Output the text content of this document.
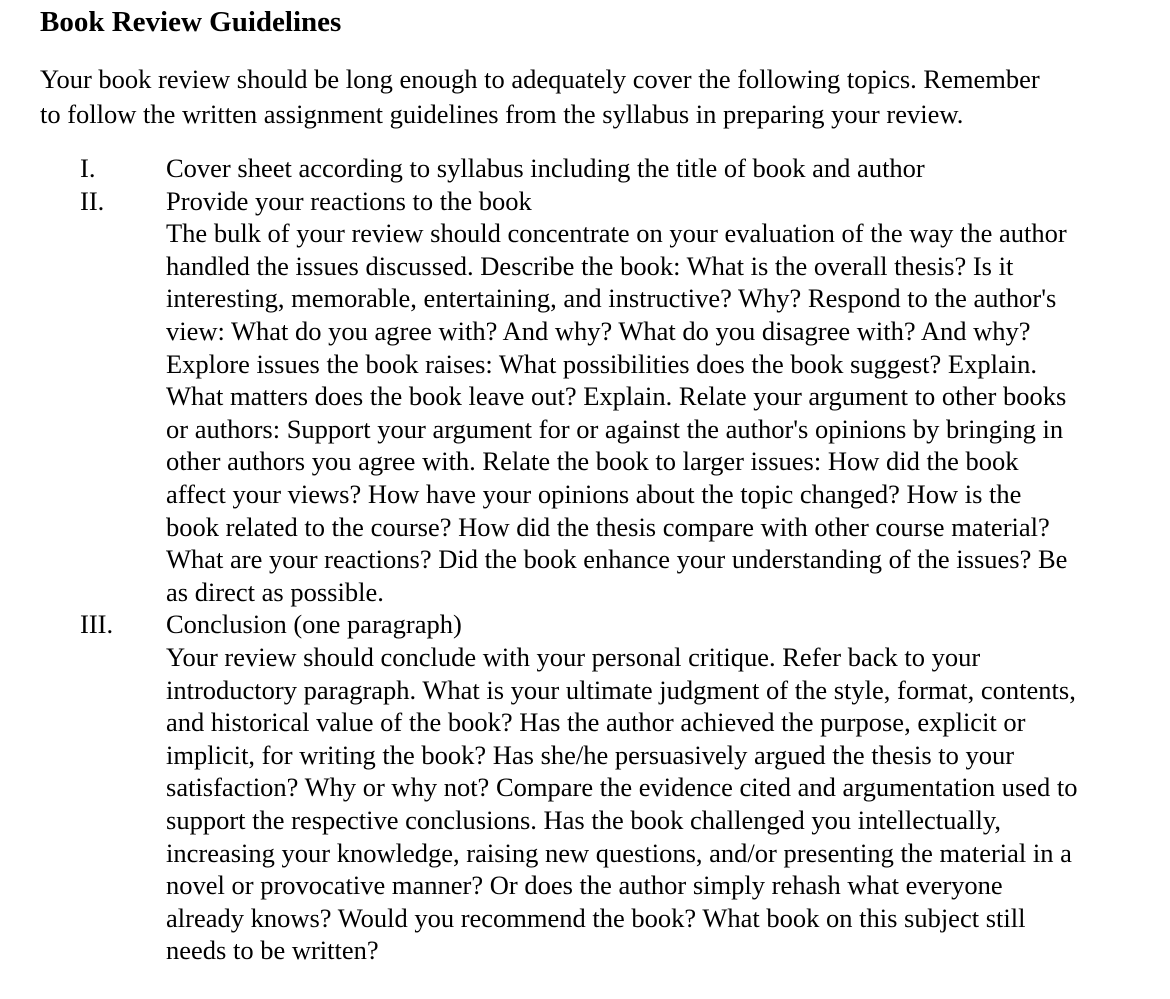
Book Review Guidelines

Your book review should be long enough to adequately cover the following topics. Remember
to follow the written assignment guidelines from the syllabus in preparing your review.

I.	Cover sheet according to syllabus including the title of book and author
II. Provide your reactions to the book
The bulk of your review should concentrate on your evaluation of the way the author
handled the issues discussed. Describe the book: What is the overall thesis? Is it
interesting, memorable, entertaining, and instructive? Why? Respond to the author's
view: What do you agree with? And why? What do you disagree with? And why?
Explore issues the book raises: What possibilities does the book suggest? Explain.
What matters does the book leave out? Explain. Relate your argument to other books
or authors: Support your argument for or against the author's opinions by bringing in
other authors you agree with. Relate the book to larger issues: How did the book
affect your views? How have your opinions about the topic changed? How is the
book related to the course? How did the thesis compare with other course material?
What are your reactions? Did the book enhance your understanding of the issues? Be
as direct as possible.
III. Conclusion (one paragraph)
Your review should conclude with your personal critique. Refer back to your
introductory paragraph. What is your ultimate judgment of the style, format, contents,
and historical value of the book? Has the author achieved the purpose, explicit or
implicit, for writing the book? Has she/he persuasively argued the thesis to your
satisfaction? Why or why not? Compare the evidence cited and argumentation used to
support the respective conclusions. Has the book challenged you intellectually,
increasing your knowledge, raising new questions, and/or presenting the material in a
novel or provocative manner? Or does the author simply rehash what everyone
already knows? Would you recommend the book? What book on this subject still
needs to be written?
